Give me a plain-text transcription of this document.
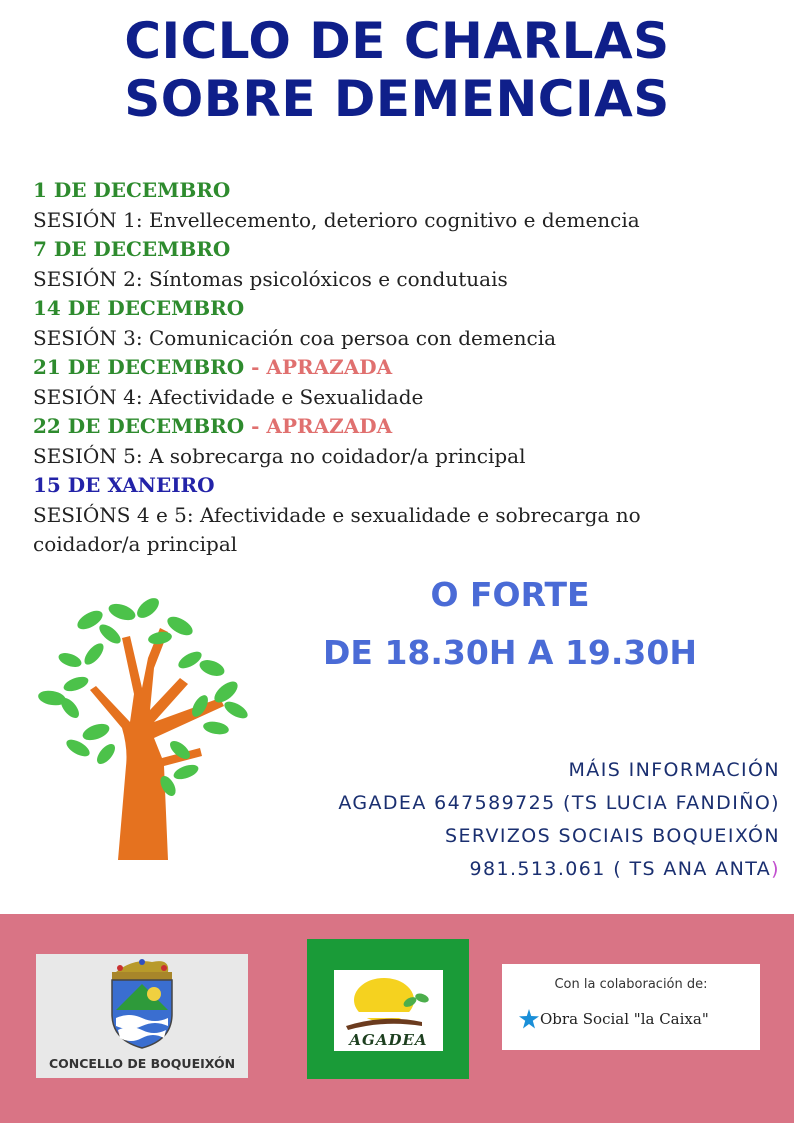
CICLO DE CHARLAS
SOBRE DEMENCIAS
1 DE DECEMBRO
SESIÓN 1: Envellecemento, deterioro cognitivo e demencia
7 DE DECEMBRO
SESIÓN 2: Síntomas psicolóxicos e condutuais
14 DE DECEMBRO
SESIÓN 3: Comunicación coa persoa con demencia
21 DE DECEMBRO - APRAZADA
SESIÓN 4: Afectividade e Sexualidade
22 DE DECEMBRO - APRAZADA
SESIÓN 5: A sobrecarga no coidador/a principal
15 DE XANEIRO
SESIÓNS 4 e 5: Afectividade e sexualidade e sobrecarga no coidador/a principal
O FORTE
DE 18.30H A 19.30H
MÁIS INFORMACIÓN
AGADEA 647589725 (TS LUCIA FANDIÑO)
SERVIZOS SOCIAIS BOQUEIXÓN
981.513.061 ( TS ANA ANTA)
CONCELLO DE BOQUEIXÓN
AGADEA
Con la colaboración de:
Obra Social "la Caixa"
